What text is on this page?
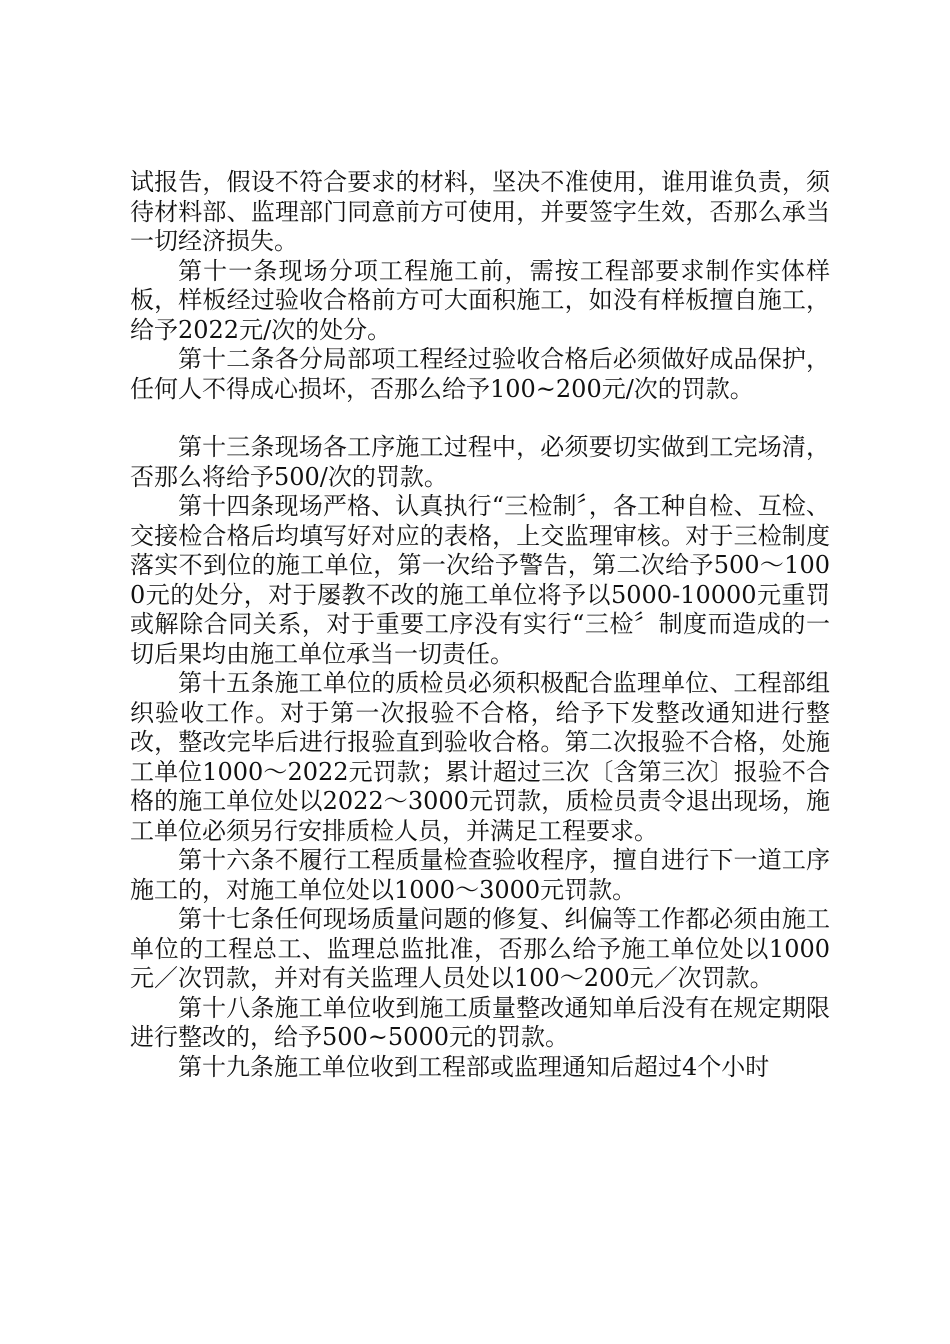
试报告，假设不符合要求的材料，坚决不准使用，谁用谁负责，须待材料部、监理部门同意前方可使用，并要签字生效，否那么承当一切经济损失。

第十一条现场分项工程施工前，需按工程部要求制作实体样板，样板经过验收合格前方可大面积施工，如没有样板擅自施工，给予2022元/次的处分。

第十二条各分局部项工程经过验收合格后必须做好成品保护，任何人不得成心损坏，否那么给予100~200元/次的罚款。

第十三条现场各工序施工过程中，必须要切实做到工完场清，否那么将给予500/次的罚款。

第十四条现场严格、认真执行“三检制〞，各工种自检、互检、交接检合格后均填写好对应的表格，上交监理审核。对于三检制度落实不到位的施工单位，第一次给予警告，第二次给予500～1000元的处分，对于屡教不改的施工单位将予以5000-10000元重罚或解除合同关系，对于重要工序没有实行“三检〞制度而造成的一切后果均由施工单位承当一切责任。

第十五条施工单位的质检员必须积极配合监理单位、工程部组织验收工作。对于第一次报验不合格，给予下发整改通知进行整改，整改完毕后进行报验直到验收合格。第二次报验不合格，处施工单位1000～2022元罚款；累计超过三次〔含第三次〕报验不合格的施工单位处以2022～3000元罚款，质检员责令退出现场，施工单位必须另行安排质检人员，并满足工程要求。

第十六条不履行工程质量检查验收程序，擅自进行下一道工序施工的，对施工单位处以1000～3000元罚款。

第十七条任何现场质量问题的修复、纠偏等工作都必须由施工单位的工程总工、监理总监批准，否那么给予施工单位处以1000元／次罚款，并对有关监理人员处以100～200元／次罚款。

第十八条施工单位收到施工质量整改通知单后没有在规定期限进行整改的，给予500~5000元的罚款。

第十九条施工单位收到工程部或监理通知后超过4个小时
